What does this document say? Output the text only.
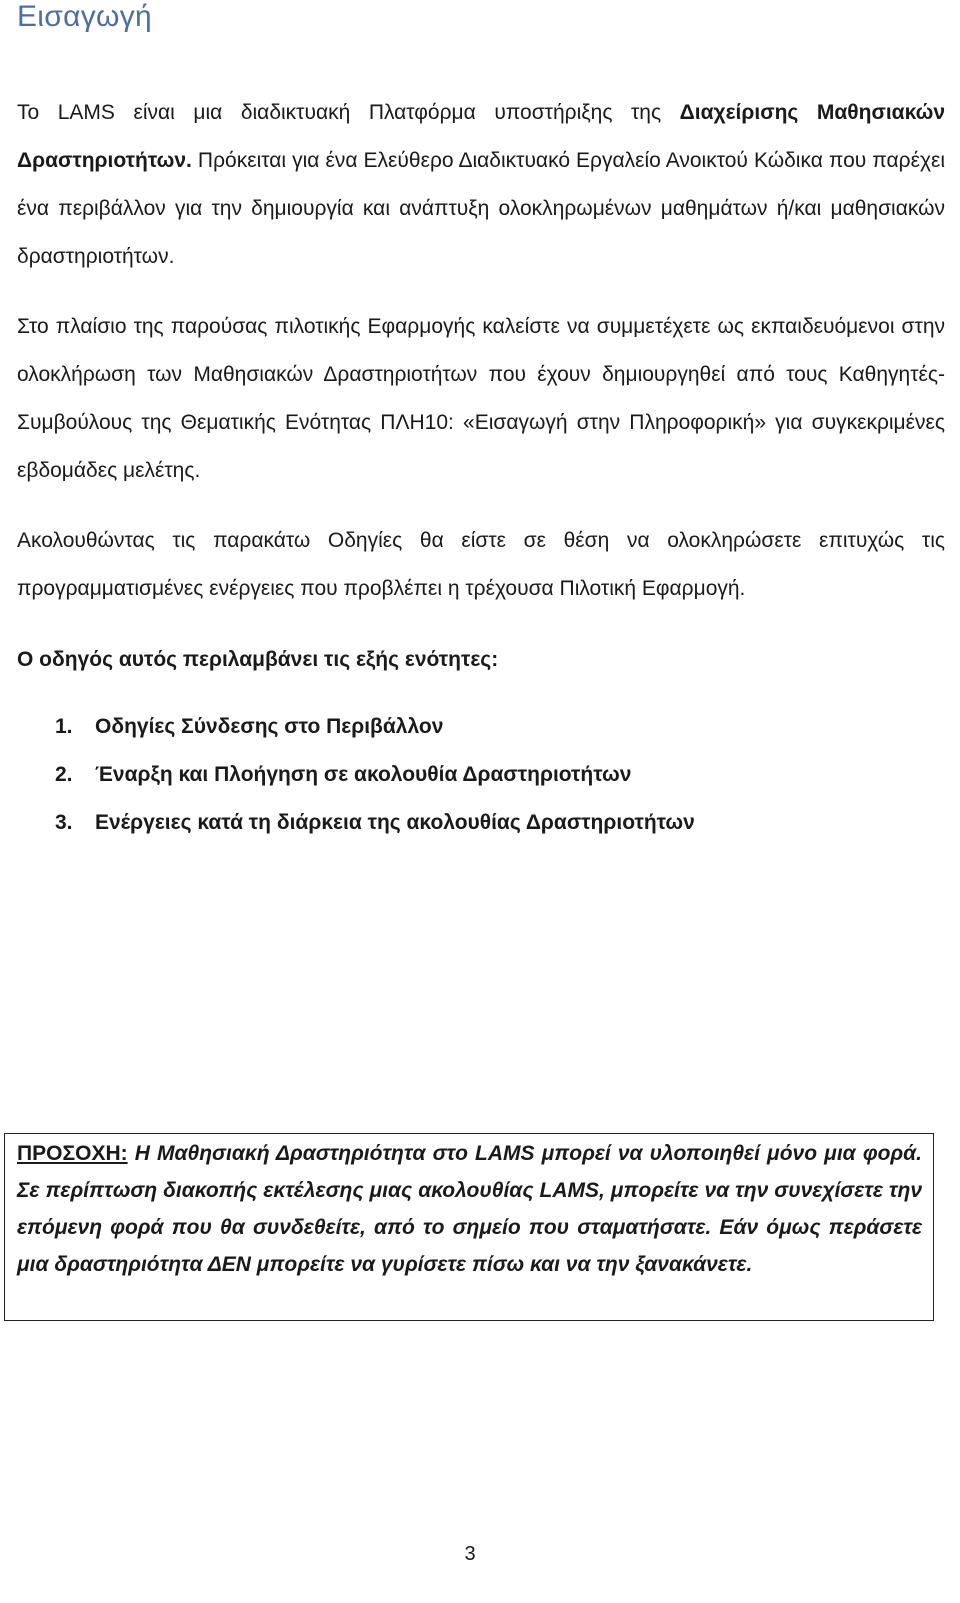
Εισαγωγή

Το LAMS είναι μια διαδικτυακή Πλατφόρμα υποστήριξης της Διαχείρισης Μαθησιακών Δραστηριοτήτων. Πρόκειται για ένα Ελεύθερο Διαδικτυακό Εργαλείο Ανοικτού Κώδικα που παρέχει ένα περιβάλλον για την δημιουργία και ανάπτυξη ολοκληρωμένων μαθημάτων ή/και μαθησιακών δραστηριοτήτων.

Στο πλαίσιο της παρούσας πιλοτικής Εφαρμογής καλείστε να συμμετέχετε ως εκπαιδευόμενοι στην ολοκλήρωση των Μαθησιακών Δραστηριοτήτων που έχουν δημιουργηθεί από τους Καθηγητές-Συμβούλους της Θεματικής Ενότητας ΠΛΗ10: «Εισαγωγή στην Πληροφορική» για συγκεκριμένες εβδομάδες μελέτης.

Ακολουθώντας τις παρακάτω Οδηγίες θα είστε σε θέση να ολοκληρώσετε επιτυχώς τις προγραμματισμένες ενέργειες που προβλέπει η τρέχουσα Πιλοτική Εφαρμογή.

Ο οδηγός αυτός περιλαμβάνει τις εξής ενότητες:

1. Οδηγίες Σύνδεσης στο Περιβάλλον
2. Έναρξη και Πλοήγηση σε ακολουθία Δραστηριοτήτων
3. Ενέργειες κατά τη διάρκεια της ακολουθίας Δραστηριοτήτων

ΠΡΟΣΟΧΗ: Η Μαθησιακή Δραστηριότητα στο LAMS μπορεί να υλοποιηθεί μόνο μια φορά. Σε περίπτωση διακοπής εκτέλεσης μιας ακολουθίας LAMS, μπορείτε να την συνεχίσετε την επόμενη φορά που θα συνδεθείτε, από το σημείο που σταματήσατε. Εάν όμως περάσετε μια δραστηριότητα ΔΕΝ μπορείτε να γυρίσετε πίσω και να την ξανακάνετε.

3
